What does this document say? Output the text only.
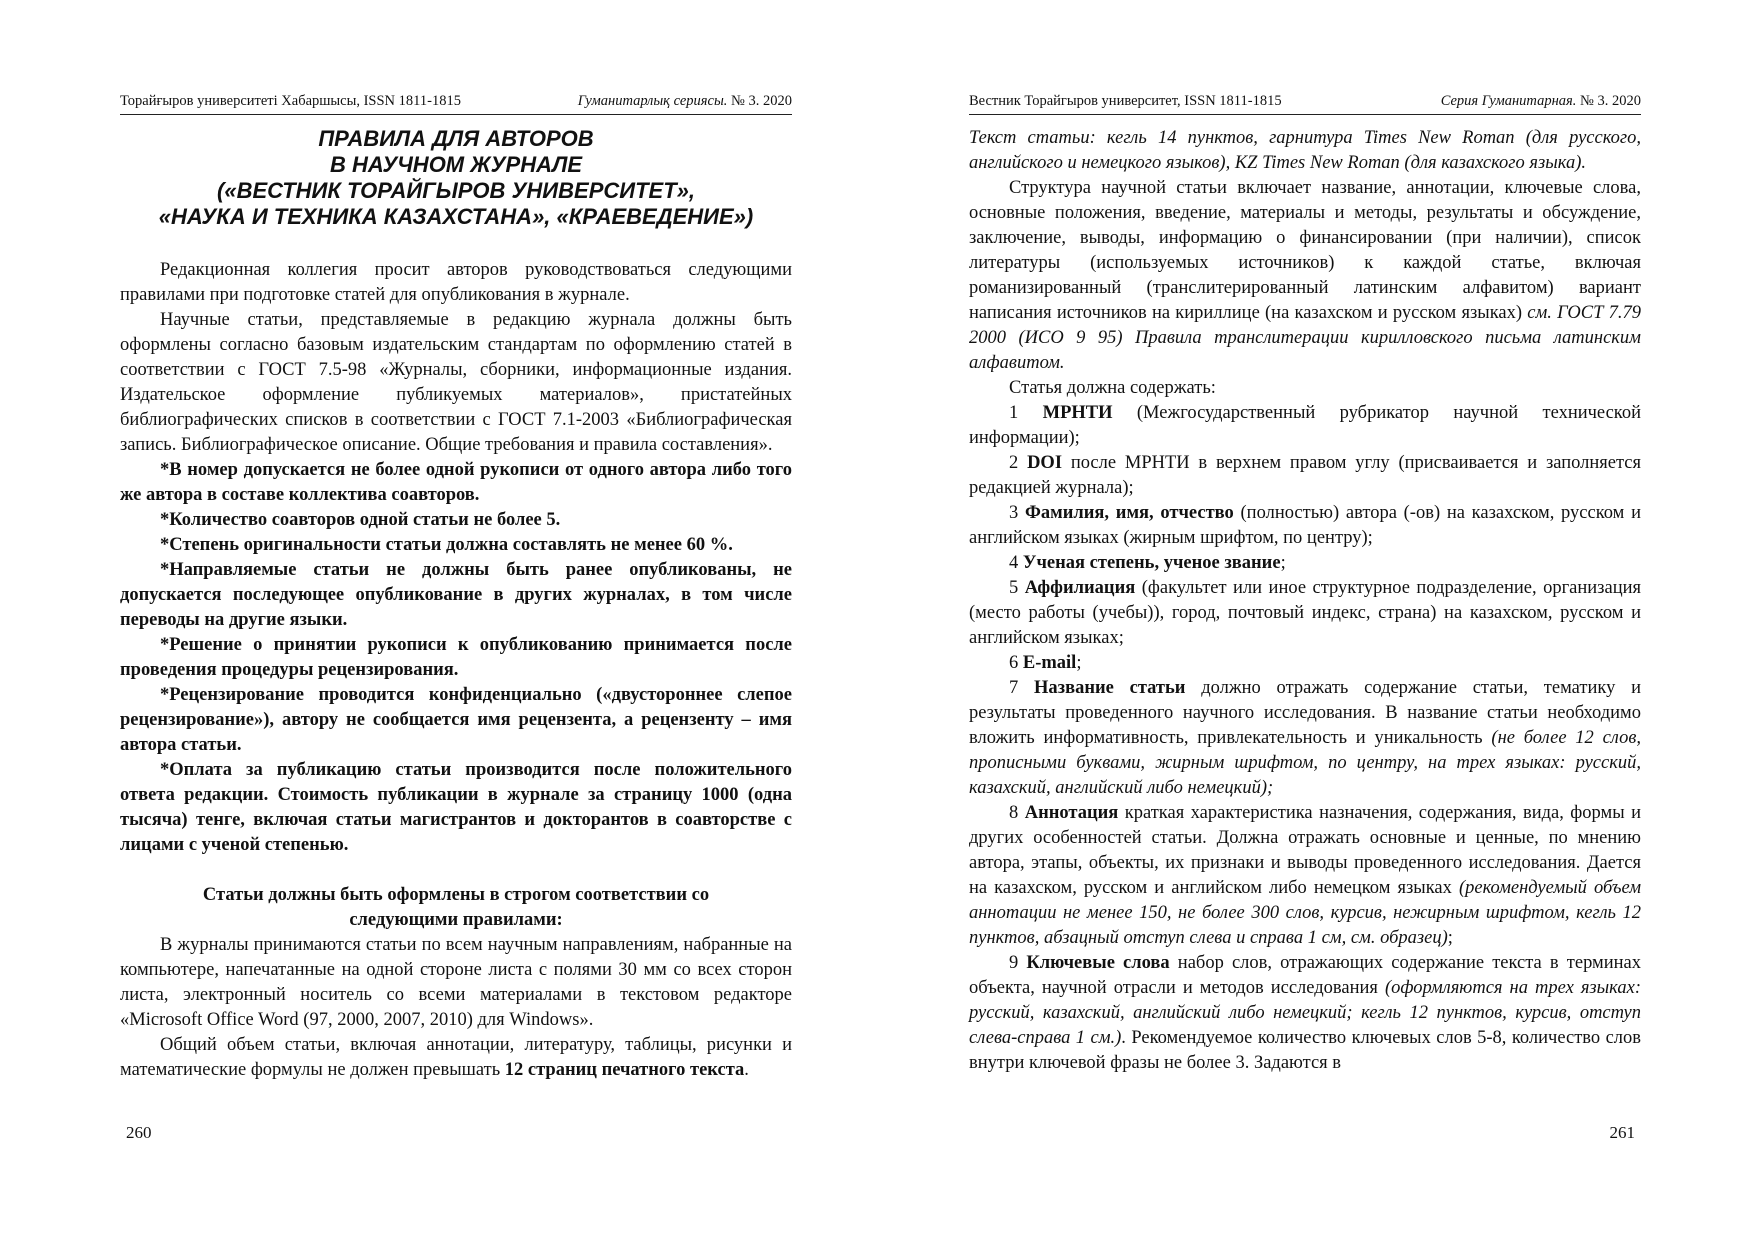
Торайғыров университеті Хабаршысы, ISSN 1811-1815	Гуманитарлық сериясы. № 3. 2020
ПРАВИЛА ДЛЯ АВТОРОВ
В НАУЧНОМ ЖУРНАЛЕ
(«ВЕСТНИК ТОРАЙГЫРОВ УНИВЕРСИТЕТ»,
«НАУКА И ТЕХНИКА КАЗАХСТАНА», «КРАЕВЕДЕНИЕ»)

Редакционная коллегия просит авторов руководствоваться следующими правилами при подготовке статей для опубликования в журнале.

Научные статьи, представляемые в редакцию журнала должны быть оформлены согласно базовым издательским стандартам по оформлению статей в соответствии с ГОСТ 7.5-98 «Журналы, сборники, информационные издания. Издательское оформление публикуемых материалов», пристатейных библиографических списков в соответствии с ГОСТ 7.1-2003 «Библиографическая запись. Библиографическое описание. Общие требования и правила составления».

*В номер допускается не более одной рукописи от одного автора либо того же автора в составе коллектива соавторов.

*Количество соавторов одной статьи не более 5.

*Степень оригинальности статьи должна составлять не менее 60 %.

*Направляемые статьи не должны быть ранее опубликованы, не допускается последующее опубликование в других журналах, в том числе переводы на другие языки.

*Решение о принятии рукописи к опубликованию принимается после проведения процедуры рецензирования.

*Рецензирование проводится конфиденциально («двустороннее слепое рецензирование»), автору не сообщается имя рецензента, а рецензенту – имя автора статьи.

*Оплата за публикацию статьи производится после положительного ответа редакции. Стоимость публикации в журнале за страницу 1000 (одна тысяча) тенге, включая статьи магистрантов и докторантов в соавторстве с лицами с ученой степенью.

Статьи должны быть оформлены в строгом соответствии со
следующими правилами:

В журналы принимаются статьи по всем научным направлениям, набранные на компьютере, напечатанные на одной стороне листа с полями 30 мм со всех сторон листа, электронный носитель со всеми материалами в текстовом редакторе «Microsoft Office Word (97, 2000, 2007, 2010) для Windows».

Общий объем статьи, включая аннотации, литературу, таблицы, рисунки и математические формулы не должен превышать 12 страниц печатного текста.

260
Вестник Торайгыров университет, ISSN 1811-1815	Серия Гуманитарная. № 3. 2020

Текст статьи: кегль 14 пунктов, гарнитура Times New Roman (для русского, английского и немецкого языков), KZ Times New Roman (для казахского языка).

Структура научной статьи включает название, аннотации, ключевые слова, основные положения, введение, материалы и методы, результаты и обсуждение, заключение, выводы, информацию о финансировании (при наличии), список литературы (используемых источников) к каждой статье, включая романизированный (транслитерированный латинским алфавитом) вариант написания источников на кириллице (на казахском и русском языках) см. ГОСТ 7.79 2000 (ИСО 9 95) Правила транслитерации кирилловского письма латинским алфавитом.

Статья должна содержать:

1 МРНТИ (Межгосударственный рубрикатор научной технической информации);

2 DOI после МРНТИ в верхнем правом углу (присваивается и заполняется редакцией журнала);

3 Фамилия, имя, отчество (полностью) автора (-ов) на казахском, русском и английском языках (жирным шрифтом, по центру);

4 Ученая степень, ученое звание;

5 Аффилиация (факультет или иное структурное подразделение, организация (место работы (учебы)), город, почтовый индекс, страна) на казахском, русском и английском языках;

6 E-mail;

7 Название статьи должно отражать содержание статьи, тематику и результаты проведенного научного исследования. В название статьи необходимо вложить информативность, привлекательность и уникальность (не более 12 слов, прописными буквами, жирным шрифтом, по центру, на трех языках: русский, казахский, английский либо немецкий);

8 Аннотация краткая характеристика назначения, содержания, вида, формы и других особенностей статьи. Должна отражать основные и ценные, по мнению автора, этапы, объекты, их признаки и выводы проведенного исследования. Дается на казахском, русском и английском либо немецком языках (рекомендуемый объем аннотации не менее 150, не более 300 слов, курсив, нежирным шрифтом, кегль 12 пунктов, абзацный отступ слева и справа 1 см, см. образец);

9 Ключевые слова набор слов, отражающих содержание текста в терминах объекта, научной отрасли и методов исследования (оформляются на трех языках: русский, казахский, английский либо немецкий; кегль 12 пунктов, курсив, отступ слева-справа 1 см.). Рекомендуемое количество ключевых слов 5-8, количество слов внутри ключевой фразы не более 3. Задаются в

261
